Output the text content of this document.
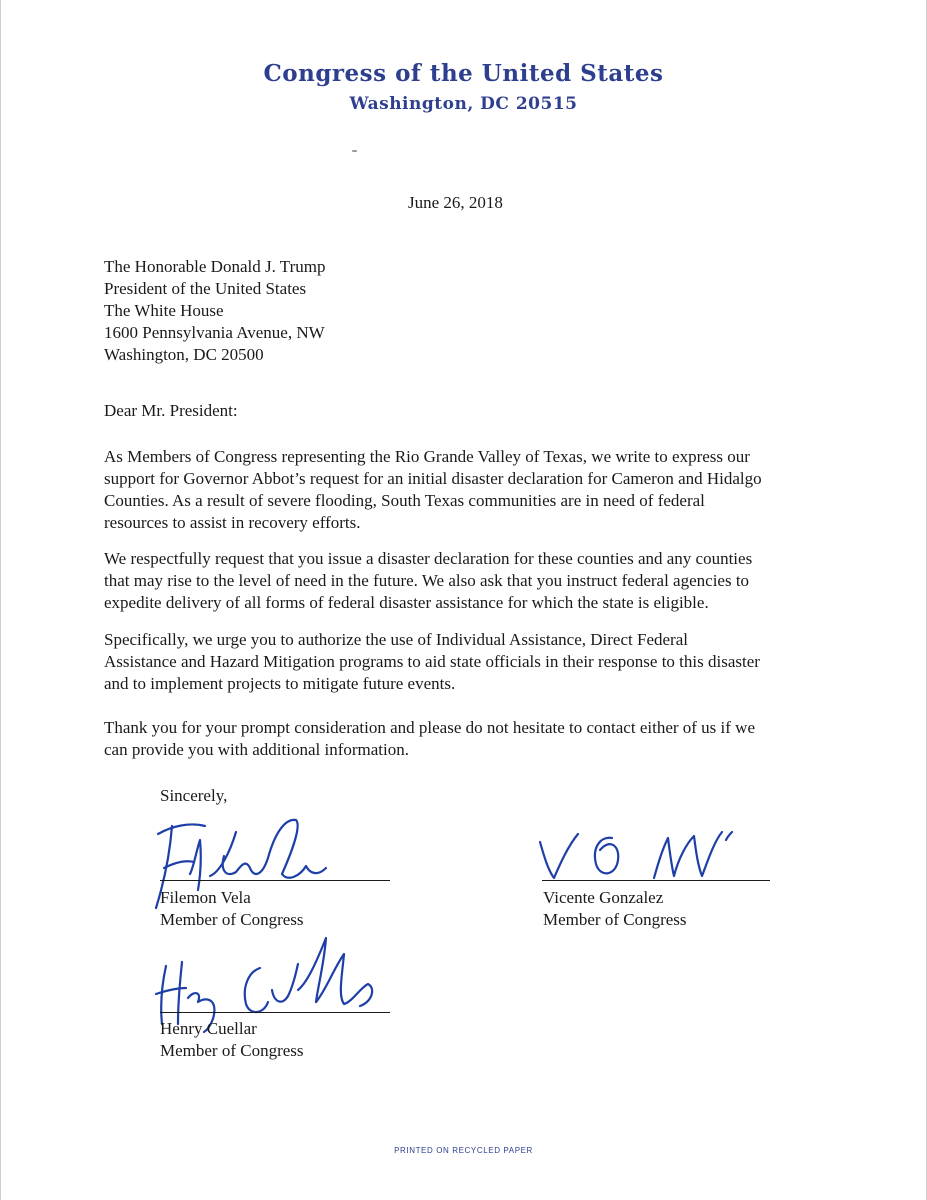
Congress of the United States
Washington, DC 20515
June 26, 2018
The Honorable Donald J. Trump
President of the United States
The White House
1600 Pennsylvania Avenue, NW
Washington, DC 20500
Dear Mr. President:
As Members of Congress representing the Rio Grande Valley of Texas, we write to express our
support for Governor Abbot’s request for an initial disaster declaration for Cameron and Hidalgo
Counties. As a result of severe flooding, South Texas communities are in need of federal
resources to assist in recovery efforts.
We respectfully request that you issue a disaster declaration for these counties and any counties
that may rise to the level of need in the future. We also ask that you instruct federal agencies to
expedite delivery of all forms of federal disaster assistance for which the state is eligible.
Specifically, we urge you to authorize the use of Individual Assistance, Direct Federal
Assistance and Hazard Mitigation programs to aid state officials in their response to this disaster
and to implement projects to mitigate future events.
Thank you for your prompt consideration and please do not hesitate to contact either of us if we
can provide you with additional information.
Sincerely,
Filemon Vela
Member of Congress
Vicente Gonzalez
Member of Congress
Henry Cuellar
Member of Congress
PRINTED ON RECYCLED PAPER
